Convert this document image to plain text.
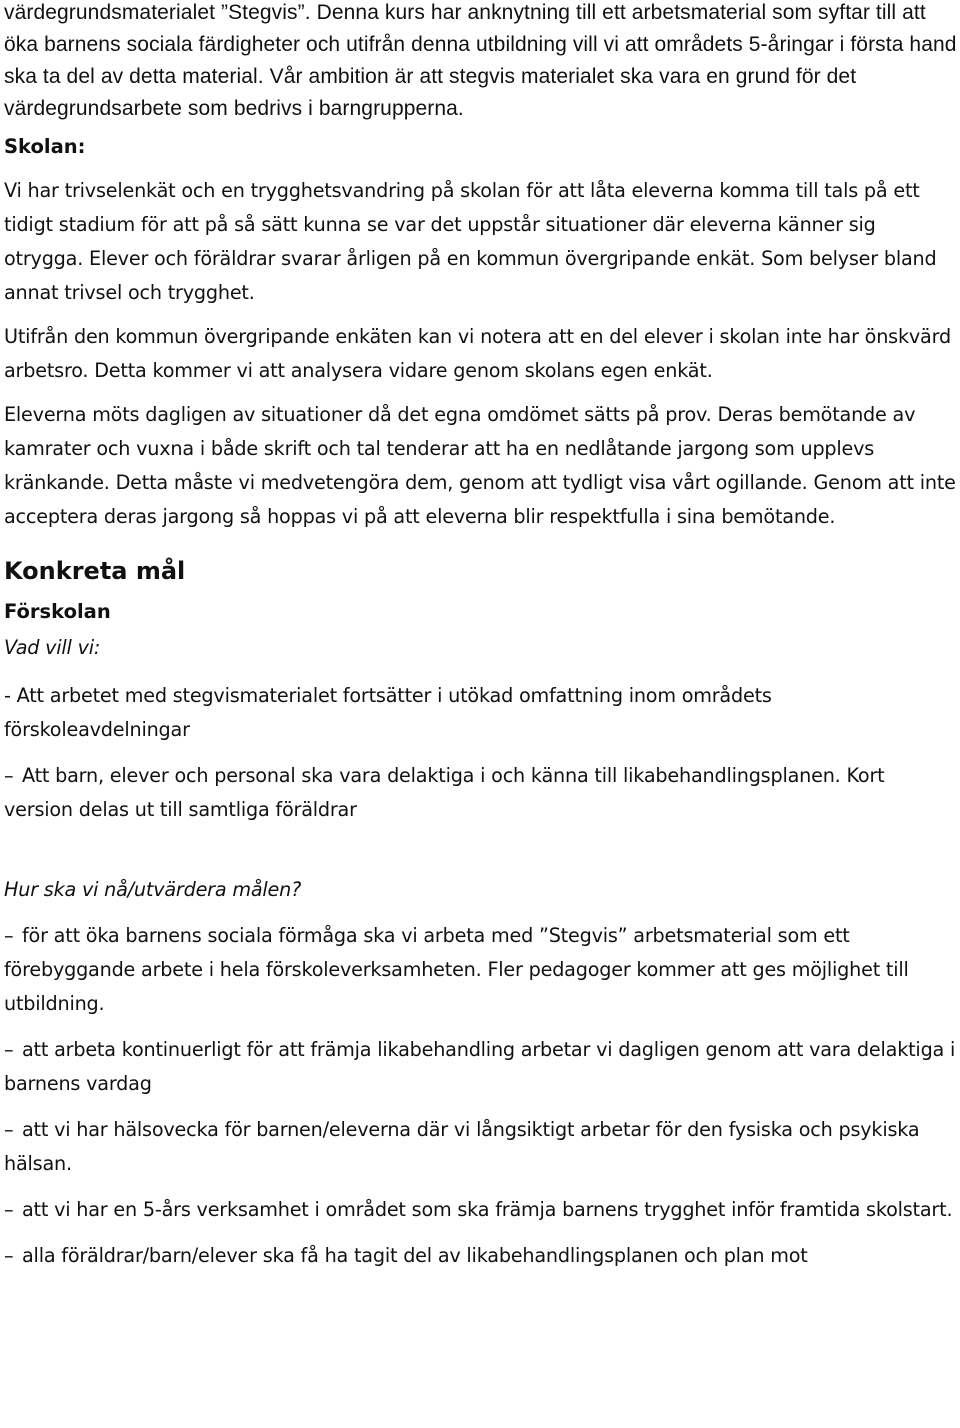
värdegrundsmaterialet ”Stegvis”. Denna kurs har anknytning till ett arbetsmaterial som syftar till att öka barnens sociala färdigheter och utifrån denna utbildning vill vi att områdets 5-åringar i första hand ska ta del av detta material. Vår ambition är att stegvis materialet ska vara en grund för det värdegrundsarbete som bedrivs i barngrupperna.

Skolan:

Vi har trivselenkät och en trygghetsvandring på skolan för att låta eleverna komma till tals på ett tidigt stadium för att på så sätt kunna se var det uppstår situationer där eleverna känner sig otrygga. Elever och föräldrar svarar årligen på en kommun övergripande enkät. Som belyser bland annat trivsel och trygghet.

Utifrån den kommun övergripande enkäten kan vi notera att en del elever i skolan inte har önskvärd arbetsro. Detta kommer vi att analysera vidare genom skolans egen enkät.

Eleverna möts dagligen av situationer då det egna omdömet sätts på prov. Deras bemötande av kamrater och vuxna i både skrift och tal tenderar att ha en nedlåtande jargong som upplevs kränkande. Detta måste vi medvetengöra dem, genom att tydligt visa vårt ogillande. Genom att inte acceptera deras jargong så hoppas vi på att eleverna blir respektfulla i sina bemötande.

Konkreta mål

Förskolan

Vad vill vi:

- Att arbetet med stegvismaterialet fortsätter i utökad omfattning inom områdets förskoleavdelningar

– Att barn, elever och personal ska vara delaktiga i och känna till likabehandlingsplanen. Kort version delas ut till samtliga föräldrar

Hur ska vi nå/utvärdera målen?

– för att öka barnens sociala förmåga ska vi arbeta med ”Stegvis” arbetsmaterial som ett förebyggande arbete i hela förskoleverksamheten. Fler pedagoger kommer att ges möjlighet till utbildning.

– att arbeta kontinuerligt för att främja likabehandling arbetar vi dagligen genom att vara delaktiga i barnens vardag

– att vi har hälsovecka för barnen/eleverna där vi långsiktigt arbetar för den fysiska och psykiska hälsan.

– att vi har en 5-års verksamhet i området som ska främja barnens trygghet inför framtida skolstart.

– alla föräldrar/barn/elever ska få ha tagit del av likabehandlingsplanen och plan mot
